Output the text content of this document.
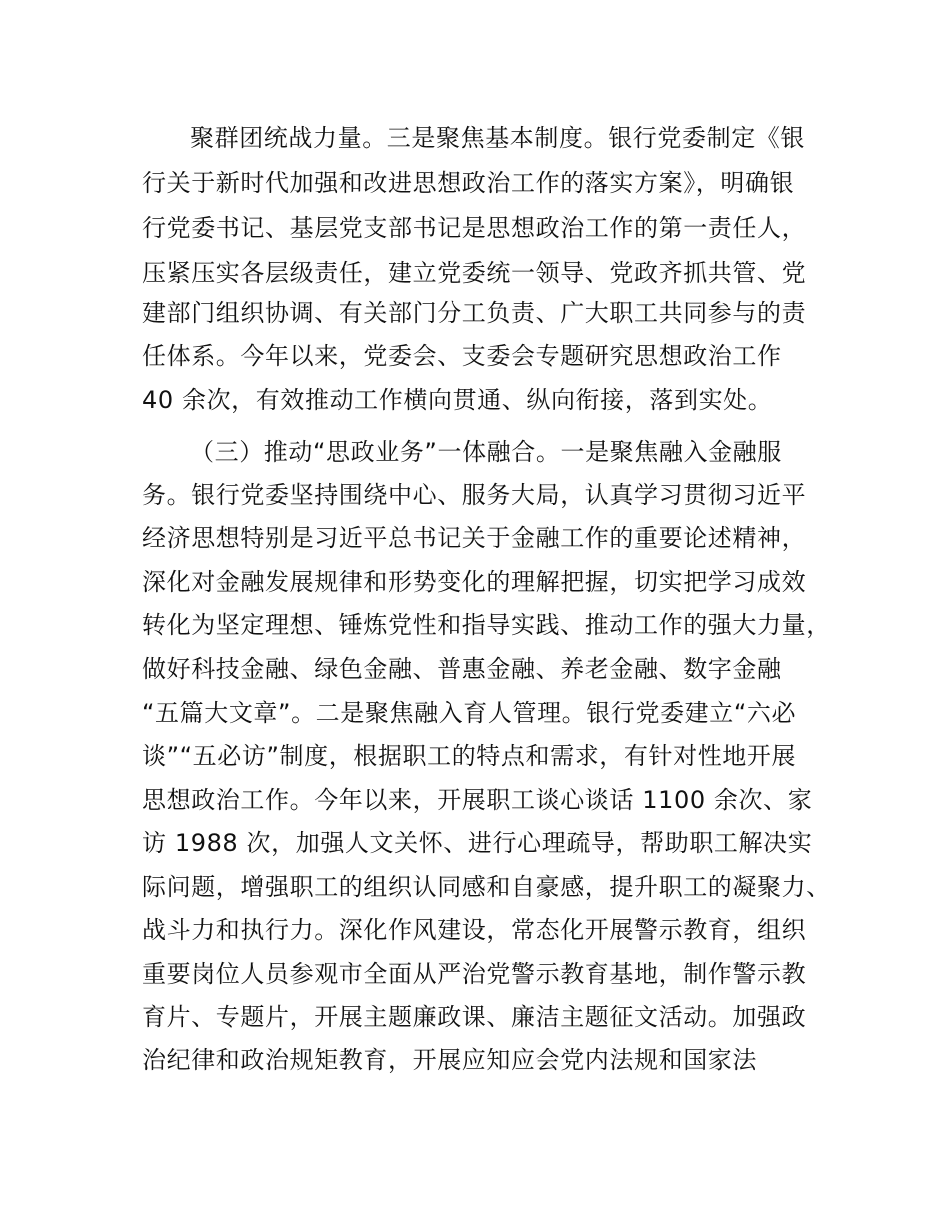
聚群团统战力量。三是聚焦基本制度。银行党委制定《银
行关于新时代加强和改进思想政治工作的落实方案》，明确银
行党委书记、基层党支部书记是思想政治工作的第一责任人，
压紧压实各层级责任，建立党委统一领导、党政齐抓共管、党
建部门组织协调、有关部门分工负责、广大职工共同参与的责
任体系。今年以来，党委会、支委会专题研究思想政治工作
40 余次，有效推动工作横向贯通、纵向衔接，落到实处。
（三）推动“思政业务”一体融合。一是聚焦融入金融服
务。银行党委坚持围绕中心、服务大局，认真学习贯彻习近平
经济思想特别是习近平总书记关于金融工作的重要论述精神，
深化对金融发展规律和形势变化的理解把握，切实把学习成效
转化为坚定理想、锤炼党性和指导实践、推动工作的强大力量，
做好科技金融、绿色金融、普惠金融、养老金融、数字金融
“五篇大文章”。二是聚焦融入育人管理。银行党委建立“六必
谈”“五必访”制度，根据职工的特点和需求，有针对性地开展
思想政治工作。今年以来，开展职工谈心谈话 1100 余次、家
访 1988 次，加强人文关怀、进行心理疏导，帮助职工解决实
际问题，增强职工的组织认同感和自豪感，提升职工的凝聚力、
战斗力和执行力。深化作风建设，常态化开展警示教育，组织
重要岗位人员参观市全面从严治党警示教育基地，制作警示教
育片、专题片，开展主题廉政课、廉洁主题征文活动。加强政
治纪律和政治规矩教育，开展应知应会党内法规和国家法
